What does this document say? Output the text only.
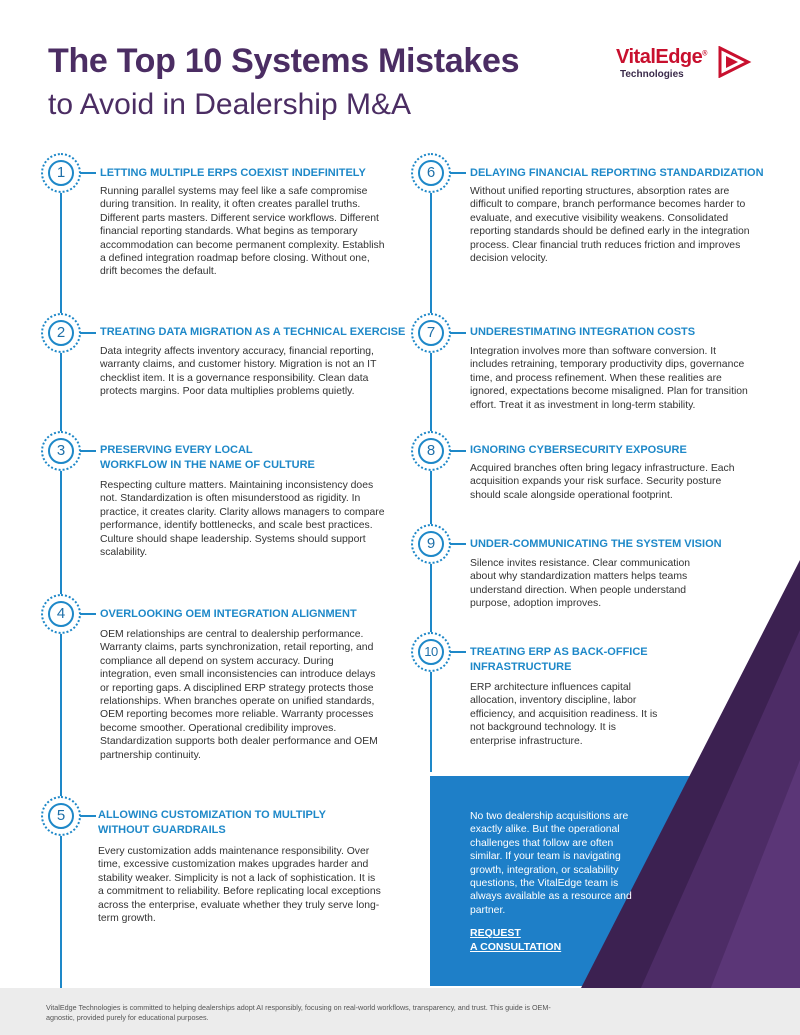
The Top 10 Systems Mistakes
to Avoid in Dealership M&A
VitalEdge®
Technologies
No two dealership acquisitions are exactly alike. But the operational challenges that follow are often similar. If your team is navigating growth, integration, or scalability questions, the VitalEdge team is always available as a resource and partner.
REQUEST
A CONSULTATION
1	LETTING MULTIPLE ERPS COEXIST INDEFINITELY
Running parallel systems may feel like a safe compromise during transition. In reality, it often creates parallel truths. Different parts masters. Different service workflows. Different financial reporting standards. What begins as temporary accommodation can become permanent complexity. Establish a defined integration roadmap before closing. Without one, drift becomes the default.
2	TREATING DATA MIGRATION AS A TECHNICAL EXERCISE
Data integrity affects inventory accuracy, financial reporting, warranty claims, and customer history. Migration is not an IT checklist item. It is a governance responsibility. Clean data protects margins. Poor data multiplies problems quietly.
3	PRESERVING EVERY LOCAL WORKFLOW IN THE NAME OF CULTURE
Respecting culture matters. Maintaining inconsistency does not. Standardization is often misunderstood as rigidity. In practice, it creates clarity. Clarity allows managers to compare performance, identify bottlenecks, and scale best practices. Culture should shape leadership. Systems should support scalability.
4	OVERLOOKING OEM INTEGRATION ALIGNMENT
OEM relationships are central to dealership performance. Warranty claims, parts synchronization, retail reporting, and compliance all depend on system accuracy. During integration, even small inconsistencies can introduce delays or reporting gaps. A disciplined ERP strategy protects those relationships. When branches operate on unified standards, OEM reporting becomes more reliable. Warranty processes become smoother. Operational credibility improves. Standardization supports both dealer performance and OEM partnership continuity.
5	ALLOWING CUSTOMIZATION TO MULTIPLY WITHOUT GUARDRAILS
Every customization adds maintenance responsibility. Over time, excessive customization makes upgrades harder and stability weaker. Simplicity is not a lack of sophistication. It is a commitment to reliability. Before replicating local exceptions across the enterprise, evaluate whether they truly serve long-term growth.
6	DELAYING FINANCIAL REPORTING STANDARDIZATION
Without unified reporting structures, absorption rates are difficult to compare, branch performance becomes harder to evaluate, and executive visibility weakens. Consolidated reporting standards should be defined early in the integration process. Clear financial truth reduces friction and improves decision velocity.
7	UNDERESTIMATING INTEGRATION COSTS
Integration involves more than software conversion. It includes retraining, temporary productivity dips, governance time, and process refinement. When these realities are ignored, expectations become misaligned. Plan for transition effort. Treat it as investment in long-term stability.
8	IGNORING CYBERSECURITY EXPOSURE
Acquired branches often bring legacy infrastructure. Each acquisition expands your risk surface. Security posture should scale alongside operational footprint.
9	UNDER-COMMUNICATING THE SYSTEM VISION
Silence invites resistance. Clear communication about why standardization matters helps teams understand direction. When people understand purpose, adoption improves.
10	TREATING ERP AS BACK-OFFICE INFRASTRUCTURE
ERP architecture influences capital allocation, inventory discipline, labor efficiency, and acquisition readiness. It is not background technology. It is enterprise infrastructure.
VitalEdge Technologies is committed to helping dealerships adopt AI responsibly, focusing on real-world workflows, transparency, and trust. This guide is OEM-agnostic, provided purely for educational purposes.
